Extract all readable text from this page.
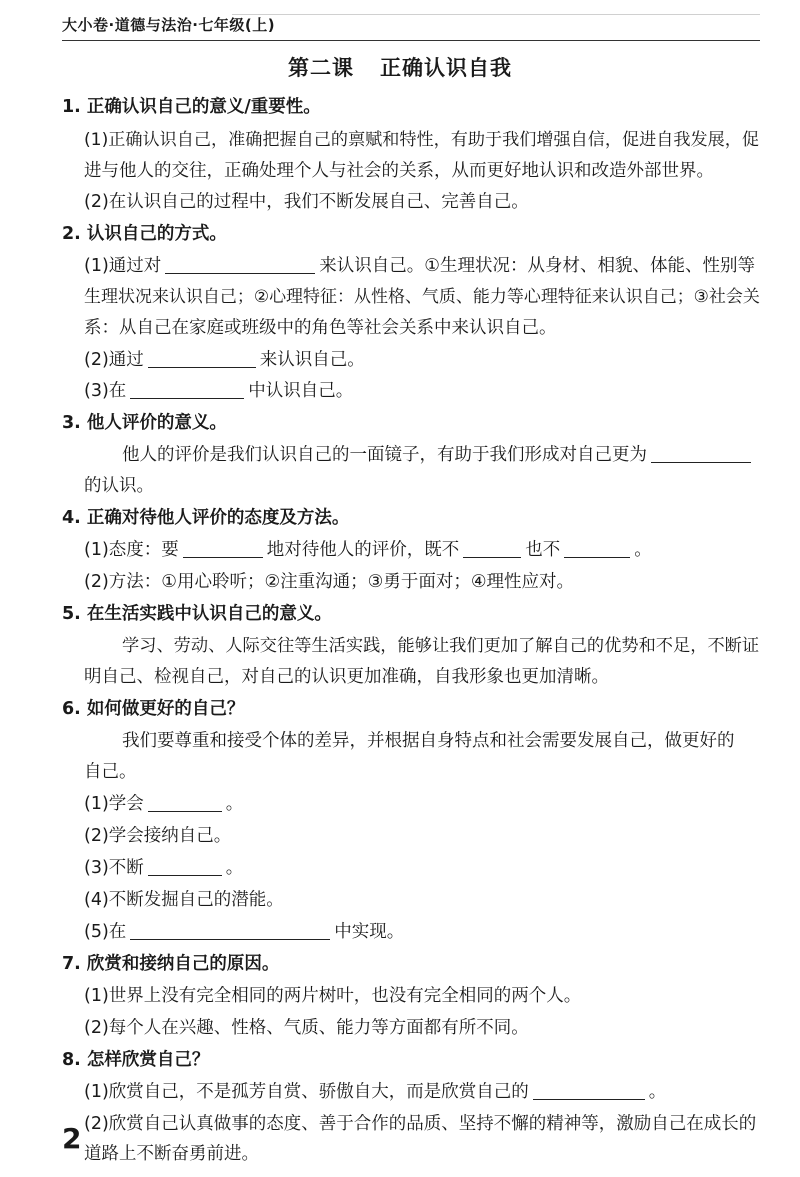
大小卷·道德与法治·七年级(上)
第二课 正确认识自我
1. 正确认识自己的意义/重要性。
(1)正确认识自己，准确把握自己的禀赋和特性，有助于我们增强自信，促进自我发展，促
进与他人的交往，正确处理个人与社会的关系，从而更好地认识和改造外部世界。
(2)在认识自己的过程中，我们不断发展自己、完善自己。
2. 认识自己的方式。
(1)通过对	来认识自己。①生理状况：从身材、相貌、体能、性别等
生理状况来认识自己；②心理特征：从性格、气质、能力等心理特征来认识自己；③社会关
系：从自己在家庭或班级中的角色等社会关系中来认识自己。
(2)通过	来认识自己。
(3)在	中认识自己。
3. 他人评价的意义。
他人的评价是我们认识自己的一面镜子，有助于我们形成对自己更为
的认识。
4. 正确对待他人评价的态度及方法。
(1)态度：要	地对待他人的评价，既不	也不	。
(2)方法：①用心聆听；②注重沟通；③勇于面对；④理性应对。
5. 在生活实践中认识自己的意义。
学习、劳动、人际交往等生活实践，能够让我们更加了解自己的优势和不足，不断证
明自己、检视自己，对自己的认识更加准确，自我形象也更加清晰。
6. 如何做更好的自己？
我们要尊重和接受个体的差异，并根据自身特点和社会需要发展自己，做更好的
自己。
(1)学会	。
(2)学会接纳自己。
(3)不断	。
(4)不断发掘自己的潜能。
(5)在	中实现。
7. 欣赏和接纳自己的原因。
(1)世界上没有完全相同的两片树叶，也没有完全相同的两个人。
(2)每个人在兴趣、性格、气质、能力等方面都有所不同。
8. 怎样欣赏自己？
(1)欣赏自己，不是孤芳自赏、骄傲自大，而是欣赏自己的	。
(2)欣赏自己认真做事的态度、善于合作的品质、坚持不懈的精神等，激励自己在成长的
道路上不断奋勇前进。
2
